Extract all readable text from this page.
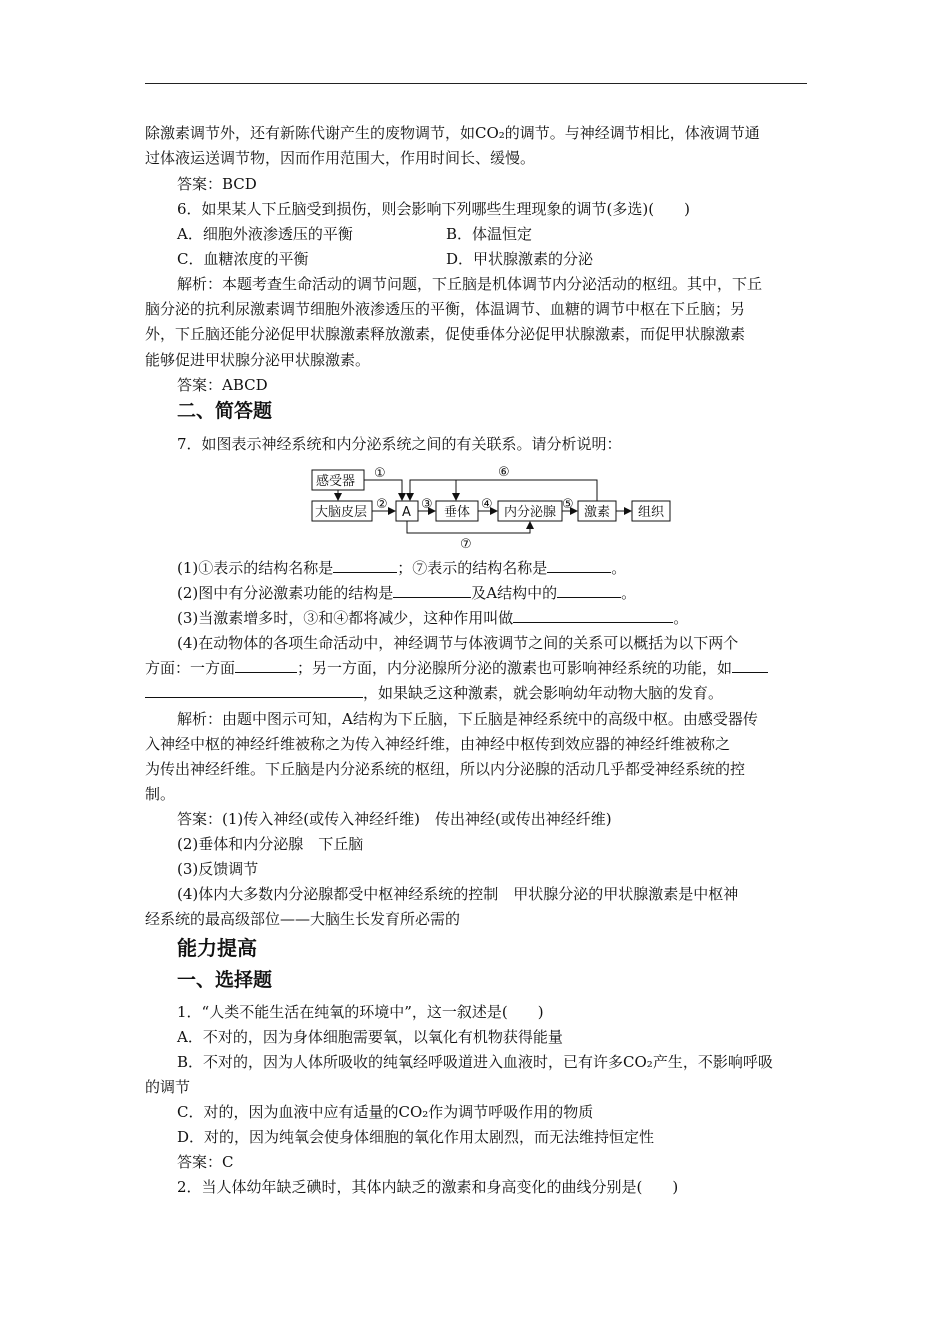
除激素调节外，还有新陈代谢产生的废物调节，如CO₂的调节。与神经调节相比，体液调节通
过体液运送调节物，因而作用范围大，作用时间长、缓慢。
答案：BCD
6．如果某人下丘脑受到损伤，则会影响下列哪些生理现象的调节(多选)(　　)
A．细胞外液渗透压的平衡	B．体温恒定
C．血糖浓度的平衡	D．甲状腺激素的分泌
解析：本题考查生命活动的调节问题，下丘脑是机体调节内分泌活动的枢纽。其中，下丘
脑分泌的抗利尿激素调节细胞外液渗透压的平衡，体温调节、血糖的调节中枢在下丘脑；另
外，下丘脑还能分泌促甲状腺激素释放激素，促使垂体分泌促甲状腺激素，而促甲状腺激素
能够促进甲状腺分泌甲状腺激素。
答案：ABCD
二、简答题
7．如图表示神经系统和内分泌系统之间的有关联系。请分析说明：
感受器
大脑皮层	A	垂体	内分泌腺 激素 组织
①
②	③	④	⑤
⑥
⑦
(1)①表示的结构名称是	；⑦表示的结构名称是	。
(2)图中有分泌激素功能的结构是	及A结构中的	。
(3)当激素增多时，③和④都将减少，这种作用叫做	。
(4)在动物体的各项生命活动中，神经调节与体液调节之间的关系可以概括为以下两个
方面：一方面	；另一方面，内分泌腺所分泌的激素也可影响神经系统的功能，如
，如果缺乏这种激素，就会影响幼年动物大脑的发育。
解析：由题中图示可知，A结构为下丘脑，下丘脑是神经系统中的高级中枢。由感受器传
入神经中枢的神经纤维被称之为传入神经纤维，由神经中枢传到效应器的神经纤维被称之
为传出神经纤维。下丘脑是内分泌系统的枢纽，所以内分泌腺的活动几乎都受神经系统的控
制。
答案：(1)传入神经(或传入神经纤维)　传出神经(或传出神经纤维)
(2)垂体和内分泌腺　下丘脑
(3)反馈调节
(4)体内大多数内分泌腺都受中枢神经系统的控制　甲状腺分泌的甲状腺激素是中枢神
经系统的最高级部位——大脑生长发育所必需的
能力提高
一、选择题
1．“人类不能生活在纯氧的环境中”，这一叙述是(　　)
A．不对的，因为身体细胞需要氧，以氧化有机物获得能量
B．不对的，因为人体所吸收的纯氧经呼吸道进入血液时，已有许多CO₂产生，不影响呼吸
的调节
C．对的，因为血液中应有适量的CO₂作为调节呼吸作用的物质
D．对的，因为纯氧会使身体细胞的氧化作用太剧烈，而无法维持恒定性
答案：C
2．当人体幼年缺乏碘时，其体内缺乏的激素和身高变化的曲线分别是(　　)
